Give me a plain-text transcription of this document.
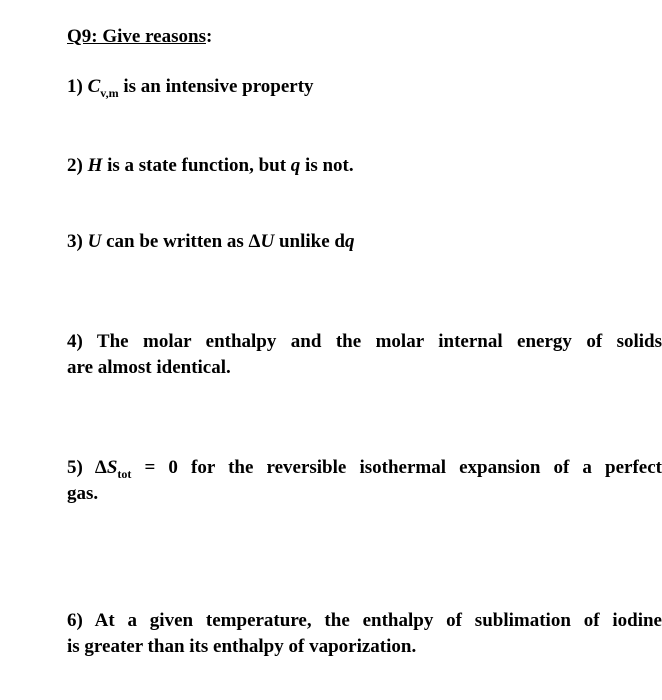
Q9: Give reasons:
1) $C_{v,m}$ is an intensive property
2) H is a state function, but q is not.
3) U can be written as ΔU unlike dq
4) The molar enthalpy and the molar internal energy of solids
are almost identical.
5) $\Delta S_{tot} = 0$ for the reversible isothermal expansion of a perfect
gas.
6) At a given temperature, the enthalpy of sublimation of iodine
is greater than its enthalpy of vaporization.
